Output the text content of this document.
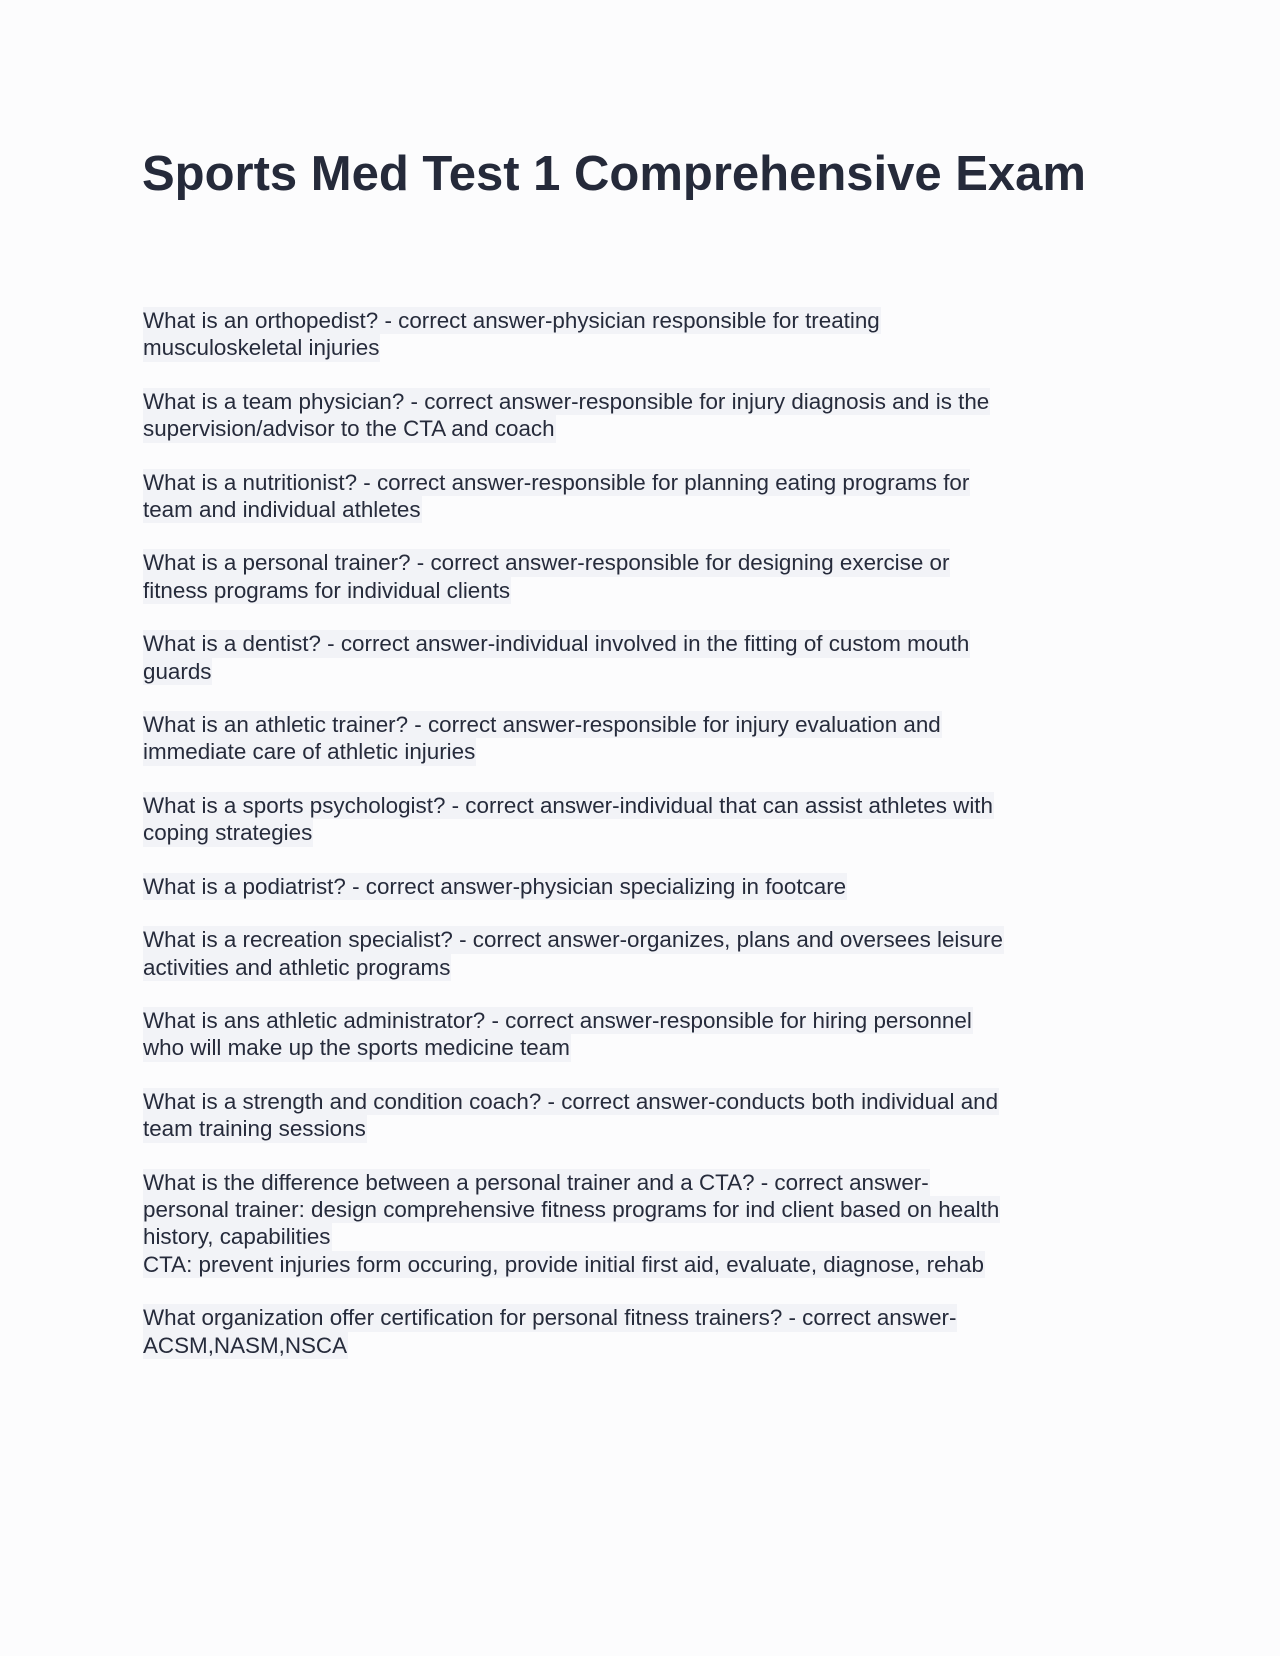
Sports Med Test 1 Comprehensive Exam
What is an orthopedist? - correct answer-physician responsible for treating
musculoskeletal injuries
What is a team physician? - correct answer-responsible for injury diagnosis and is the
supervision/advisor to the CTA and coach
What is a nutritionist? - correct answer-responsible for planning eating programs for
team and individual athletes
What is a personal trainer? - correct answer-responsible for designing exercise or
fitness programs for individual clients
What is a dentist? - correct answer-individual involved in the fitting of custom mouth
guards
What is an athletic trainer? - correct answer-responsible for injury evaluation and
immediate care of athletic injuries
What is a sports psychologist? - correct answer-individual that can assist athletes with
coping strategies
What is a podiatrist? - correct answer-physician specializing in footcare
What is a recreation specialist? - correct answer-organizes, plans and oversees leisure
activities and athletic programs
What is ans athletic administrator? - correct answer-responsible for hiring personnel
who will make up the sports medicine team
What is a strength and condition coach? - correct answer-conducts both individual and
team training sessions
What is the difference between a personal trainer and a CTA? - correct answer-
personal trainer: design comprehensive fitness programs for ind client based on health
history, capabilities
CTA: prevent injuries form occuring, provide initial first aid, evaluate, diagnose, rehab
What organization offer certification for personal fitness trainers? - correct answer-
ACSM,NASM,NSCA
